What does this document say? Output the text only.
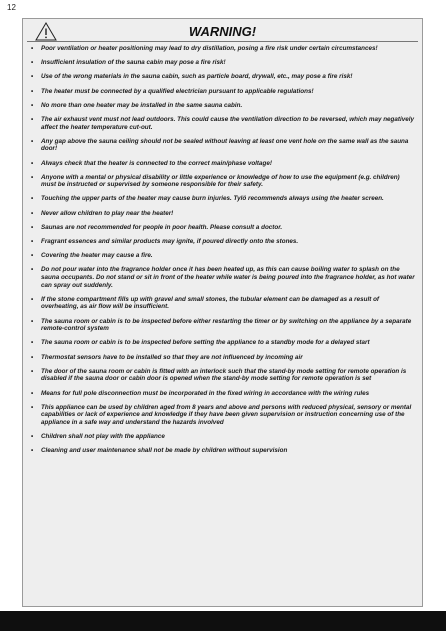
12
WARNING!
• Poor ventilation or heater positioning may lead to dry distillation, posing a fire risk under certain circumstances!
• Insufficient insulation of the sauna cabin may pose a fire risk!
• Use of the wrong materials in the sauna cabin, such as particle board, drywall, etc., may pose a fire risk!
• The heater must be connected by a qualified electrician pursuant to applicable regulations!
• No more than one heater may be installed in the same sauna cabin.
• The air exhaust vent must not lead outdoors. This could cause the ventilation direction to be reversed, which may negatively affect the heater temperature cut-out.
• Any gap above the sauna ceiling should not be sealed without leaving at least one vent hole on the same wall as the sauna door!
• Always check that the heater is connected to the correct main/phase voltage!
• Anyone with a mental or physical disability or little experience or knowledge of how to use the equipment (e.g. children) must be instructed or supervised by someone responsible for their safety.
• Touching the upper parts of the heater may cause burn injuries. Tylö recommends always using the heater screen.
• Never allow children to play near the heater!
• Saunas are not recommended for people in poor health. Please consult a doctor.
• Fragrant essences and similar products may ignite, if poured directly onto the stones.
• Covering the heater may cause a fire.
• Do not pour water into the fragrance holder once it has been heated up, as this can cause boiling water to splash on the sauna occupants. Do not stand or sit in front of the heater while water is being poured into the fragrance holder, as hot water can spray out suddenly.
• If the stone compartment fills up with gravel and small stones, the tubular element can be damaged as a result of overheating, as air flow will be insufficient.
• The sauna room or cabin is to be inspected before either restarting the timer or by switching on the appliance by a separate remote-control system
• The sauna room or cabin is to be inspected before setting the appliance to a standby mode for a delayed start
• Thermostat sensors have to be installed so that they are not influenced by incoming air
• The door of the sauna room or cabin is fitted with an interlock such that the stand-by mode setting for remote operation is disabled if the sauna door or cabin door is opened when the stand-by mode setting for remote operation is set
• Means for full pole disconnection must be incorporated in the fixed wiring in accordance with the wiring rules
• This appliance can be used by children aged from 8 years and above and persons with reduced physical, sensory or mental capabilities or lack of experience and knowledge if they have been given supervision or instruction concerning use of the appliance in a safe way and understand the hazards involved
• Children shall not play with the appliance
• Cleaning and user maintenance shall not be made by children without supervision
